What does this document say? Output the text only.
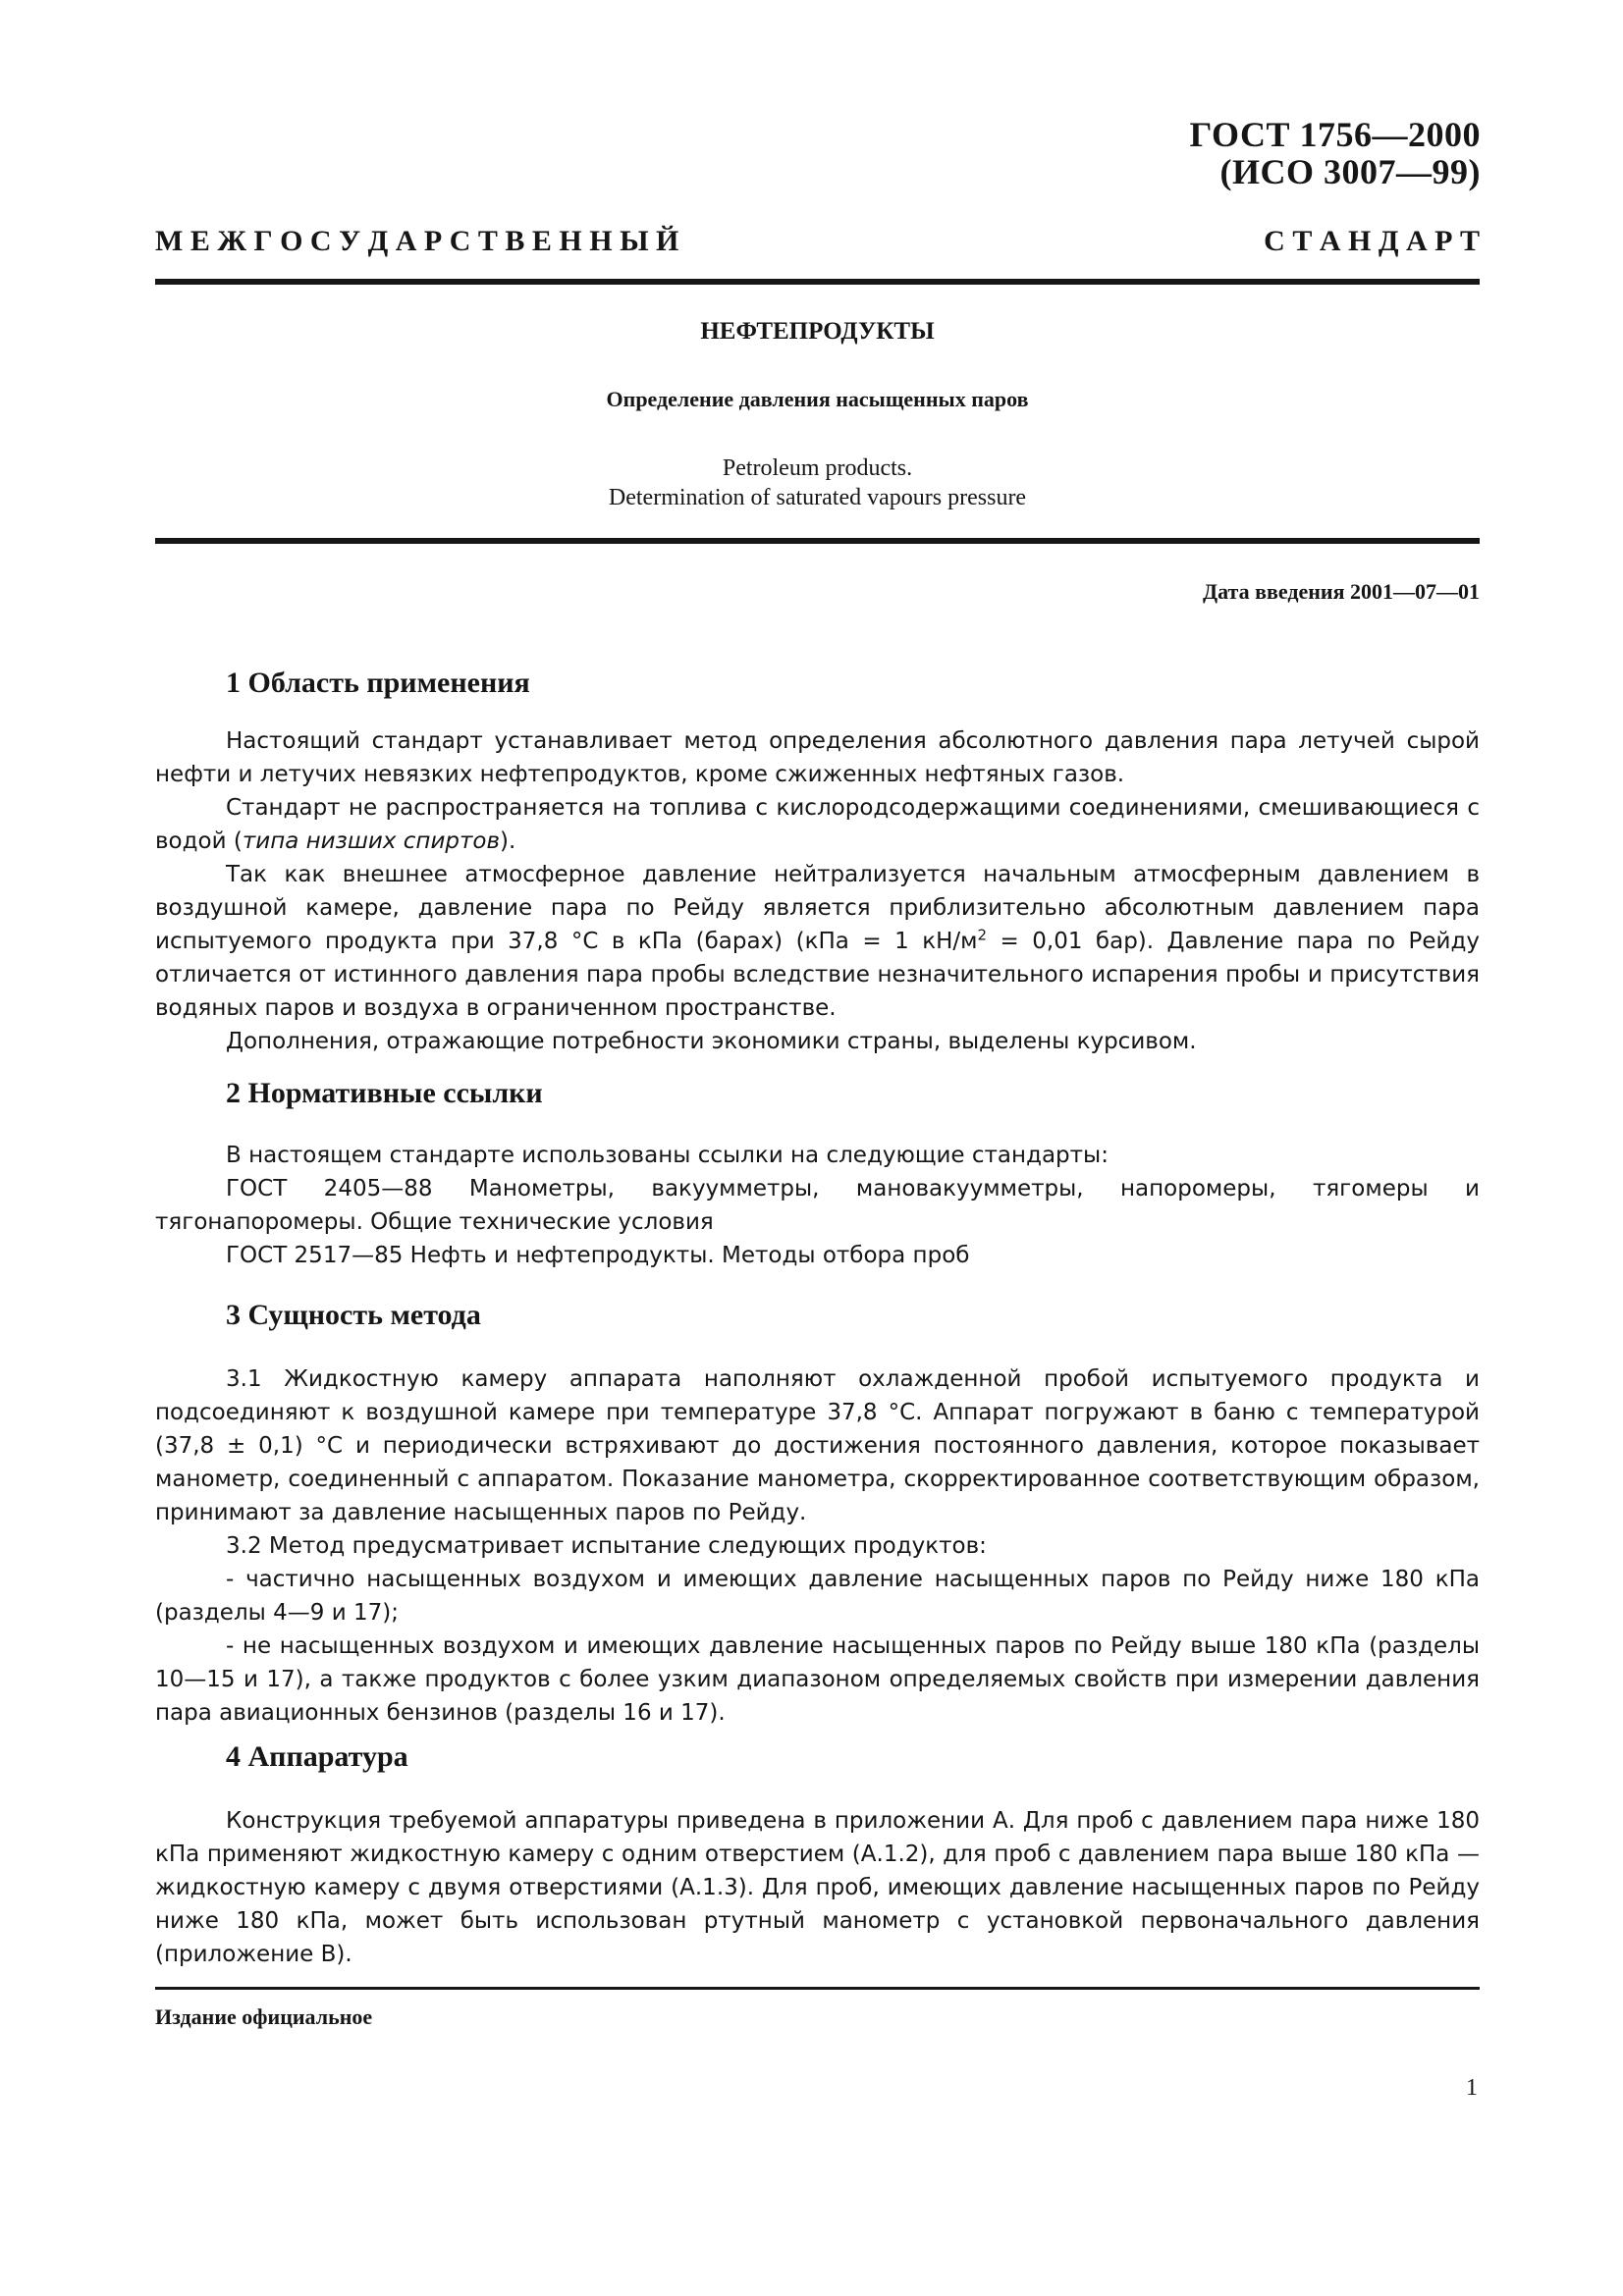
ГОСТ 1756—2000
(ИСО 3007—99)
М Е Ж Г О С У Д А Р С Т В Е Н Н Ы Й	С Т А Н Д А Р Т
НЕФТЕПРОДУКТЫ
Определение давления насыщенных паров
Petroleum products.
Determination of saturated vapours pressure
Дата введения 2001—07—01
1 Область применения

Настоящий стандарт устанавливает метод определения абсолютного давления пара летучей сырой нефти и летучих невязких нефтепродуктов, кроме сжиженных нефтяных газов.

Стандарт не распространяется на топлива с кислородсодержащими соединениями, смешивающиеся с водой (типа низших спиртов).

Так как внешнее атмосферное давление нейтрализуется начальным атмосферным давлением в воздушной камере, давление пара по Рейду является приблизительно абсолютным давлением пара испытуемого продукта при 37,8 °С в кПа (барах) (кПа = 1 $кН/м^2 = 0,01$ бар). Давление пара по Рейду отличается от истинного давления пара пробы вследствие незначительного испарения пробы и присутствия водяных паров и воздуха в ограниченном пространстве.

Дополнения, отражающие потребности экономики страны, выделены курсивом.

2 Нормативные ссылки

В настоящем стандарте использованы ссылки на следующие стандарты:

ГОСТ 2405—88 Манометры, вакуумметры, мановакуумметры, напоромеры, тягомеры и тягонапоромеры. Общие технические условия

ГОСТ 2517—85 Нефть и нефтепродукты. Методы отбора проб

3 Сущность метода

3.1 Жидкостную камеру аппарата наполняют охлажденной пробой испытуемого продукта и подсоединяют к воздушной камере при температуре 37,8 °С. Аппарат погружают в баню с температурой (37,8 ± 0,1) °С и периодически встряхивают до достижения постоянного давления, которое показывает манометр, соединенный с аппаратом. Показание манометра, скорректированное соответствующим образом, принимают за давление насыщенных паров по Рейду.

3.2 Метод предусматривает испытание следующих продуктов:

- частично насыщенных воздухом и имеющих давление насыщенных паров по Рейду ниже 180 кПа (разделы 4—9 и 17);

- не насыщенных воздухом и имеющих давление насыщенных паров по Рейду выше 180 кПа (разделы 10—15 и 17), а также продуктов с более узким диапазоном определяемых свойств при измерении давления пара авиационных бензинов (разделы 16 и 17).

4 Аппаратура

Конструкция требуемой аппаратуры приведена в приложении А. Для проб с давлением пара ниже 180 кПа применяют жидкостную камеру с одним отверстием (А.1.2), для проб с давлением пара выше 180 кПа — жидкостную камеру с двумя отверстиями (А.1.3). Для проб, имеющих давление насыщенных паров по Рейду ниже 180 кПа, может быть использован ртутный манометр с установкой первоначального давления (приложение В).

Издание официальное
1
